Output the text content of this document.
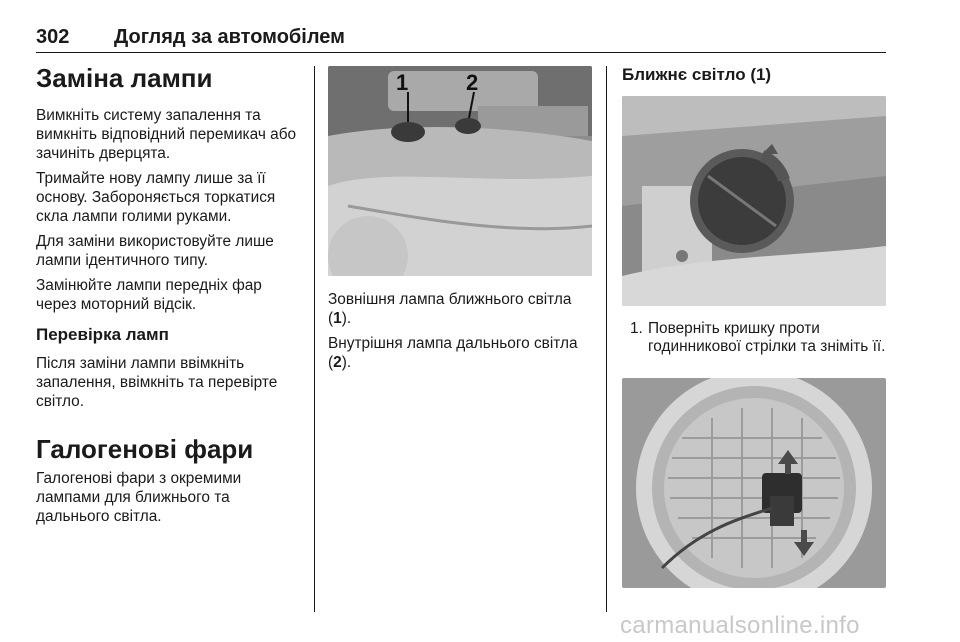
302 Догляд за автомобілем
Заміна лампи

Вимкніть систему запалення та вимкніть відповідний перемикач або зачиніть дверцята.

Тримайте нову лампу лише за її основу. Забороняється торкатися скла лампи голими руками.

Для заміни використовуйте лише лампи ідентичного типу.

Замінюйте лампи передніх фар через моторний відсік.

Перевірка ламп

Після заміни лампи ввімкніть запалення, ввімкніть та перевірте світло.

Галогенові фари

Галогенові фари з окремими лампами для ближнього та дальнього світла.

1	2

Зовнішня лампа ближнього світла (1).

Внутрішня лампа дальнього світла (2).

Ближнє світло (1)
1. Поверніть кришку проти годинникової стрілки та зніміть її.
carmanualsonline.info
